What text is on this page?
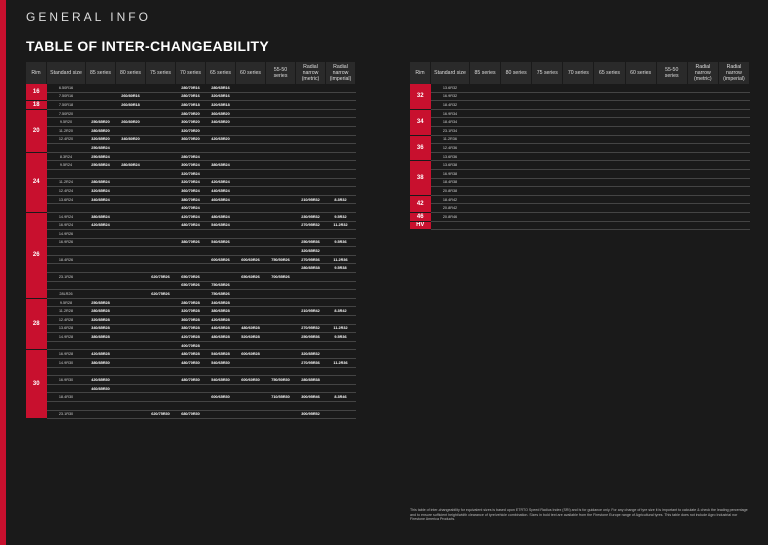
GENERAL INFO
TABLE OF INTER-CHANGEABILITY
Rim	Standard size	85 series	80 series	75 series	70 series	65 series	60 series	55-50 series	Radial narrow (metric)	Radial narrow (imperial)
16	6.50R16				280/70R16	280/65R16				
	7.50R16		260/80R16		280/70R16	320/65R16				
18	7.50R18		260/80R18		280/70R18	320/65R18				
20	7.50R20				280/70R20	360/65R20				
	9.5R20	250/85R20	260/80R20		300/70R20	340/65R20				
	11.2R20	280/85R20			320/70R20					
	12.4R20	320/85R20	340/80R20		360/70R20	420/65R20				
		250/85R24								
24	8.3R24	250/85R24			280/70R24					
	9.5R24	250/85R24	280/80R24		300/70R24	380/65R24				
					320/70R24					
	11.2R24	280/85R24			320/70R24	420/65R24				
	12.4R24	320/85R24			360/70R24	440/65R24				
	13.6R24	340/85R24			380/70R24	460/65R24			210/95R32	8.3R32
					400/70R24					
26	14.9R24	380/85R24			420/70R24	480/65R24			230/95R32	9.5R32
	16.9R24	420/85R24			480/70R24	540/65R24			270/95R32	11.2R32
	14.9R26									
	16.9R26				380/70R26	540/65R26			250/95R36	9.5R36
									320/85R32	
	18.4R26					600/65R26	600/60R26	750/50R26	270/95R36	11.2R36
									280/85R38	9.5R38
	23.1R26			620/75R26	650/70R26		650/60R26	700/55R26		
					650/70R26	750/65R26				
	28LR26			620/75R26		750/65R26				
28	9.5R28	250/85R28			280/70R28	340/65R28				
	11.2R28	280/85R28			320/70R28	380/65R28			210/95R42	8.3R42
	12.4R28	320/85R28			360/70R28	420/65R28				
	13.6R28	340/85R28			380/70R28	440/65R28	480/60R28		270/95R32	11.2R32
	14.9R28	380/85R28			420/70R28	480/65R28	520/60R28		250/95R36	9.5R36
					400/70R28					
30	16.9R28	420/85R28			480/70R28	540/65R28	600/60R28		320/85R32	
	14.9R30	380/85R30			480/70R30	540/65R30			270/95R36	11.2R36

	16.9R30	420/85R30			480/70R30	540/65R30	600/60R30	750/50R30	280/85R38	
		460/85R30								
	18.4R30					600/65R30		710/55R30	300/95R46	8.3R46

	23.1R30			620/75R30	680/70R30				300/95R52	
Rim	Standard size	85 series	80 series	75 series	70 series	65 series	60 series	55-50 series	Radial narrow (metric)	Radial narrow (imperial)
32	13.6R32									
	16.9R32									
	18.4R32									
34	16.9R34									
	18.4R34									
	23.1R34									
36	11.2R36									
	12.4R36									
	13.6R36									
38	13.6R38									
	16.9R38									
	18.4R38									
	20.8R38									
42	18.4R42									
	20.8R42									
46	20.8R46									
HV										
This table of inter-changeability for equivalent sizes is based upon ETRTO Speed Radius Index (SRI) and is for guidance only. For any change of tyre size it is important to calculate & check the leading percentage and to ensure sufficient height/width clearance of tyre/vehicle combination. Sizes in bold text are available from the Firestone Europe range of Agricultural tyres. This table does not include Agro Industrial nor Firestone America Products.
